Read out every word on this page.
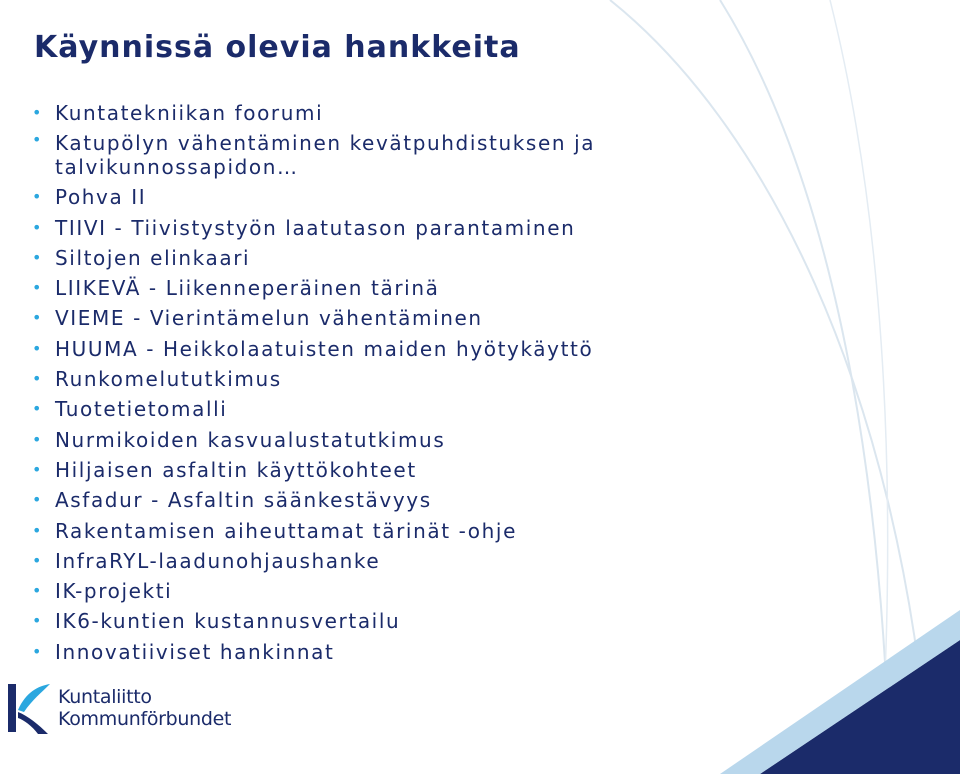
Käynnissä olevia hankkeita
• Kuntatekniikan foorumi
• Katupölyn vähentäminen kevätpuhdistuksen ja talvikunnossapidon…
• Pohva II
• TIIVI - Tiivistystyön laatutason parantaminen
• Siltojen elinkaari
• LIIKEVÄ - Liikenneperäinen tärinä
• VIEME - Vierintämelun vähentäminen
• HUUMA - Heikkolaatuisten maiden hyötykäyttö
• Runkomelututkimus
• Tuotetietomalli
• Nurmikoiden kasvualustatutkimus
• Hiljaisen asfaltin käyttökohteet
• Asfadur - Asfaltin säänkestävyys
• Rakentamisen aiheuttamat tärinät -ohje
• InfraRYL-laadunohjaushanke
• IK-projekti
• IK6-kuntien kustannusvertailu
• Innovatiiviset hankinnat
Kuntaliitto
Kommunförbundet
